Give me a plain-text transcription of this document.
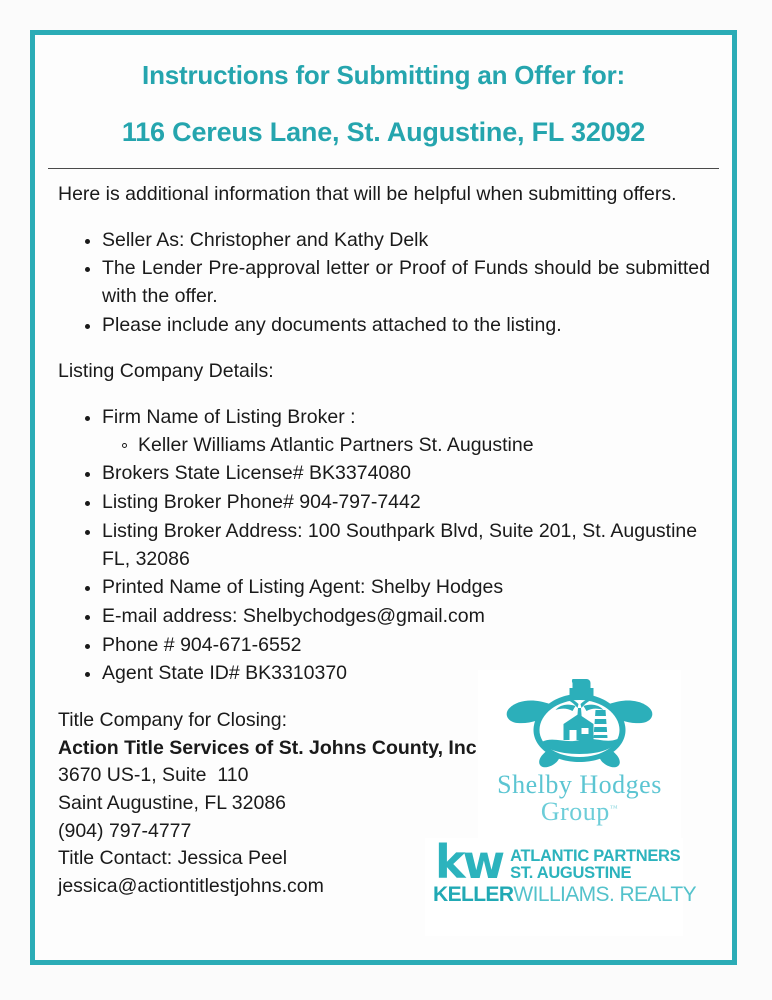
Instructions for Submitting an Offer for:
116 Cereus Lane, St. Augustine, FL 32092

Here is additional information that will be helpful when submitting offers.

Seller As: Christopher and Kathy Delk
The Lender Pre-approval letter or Proof of Funds should be submitted with the offer.
Please include any documents attached to the listing.

Listing Company Details:

Firm Name of Listing Broker :
Keller Williams Atlantic Partners St. Augustine
Brokers State License# BK3374080
Listing Broker Phone# 904-797-7442
Listing Broker Address: 100 Southpark Blvd, Suite 201, St. Augustine FL, 32086
Printed Name of Listing Agent: Shelby Hodges
E-mail address: Shelbychodges@gmail.com
Phone # 904-671-6552
Agent State ID# BK3310370
Title Company for Closing:
Action Title Services of St. Johns County, Inc
3670 US-1, Suite  110
Saint Augustine, FL 32086
(904) 797-4777
Title Contact: Jessica Peel
jessica@actiontitlestjohns.com
Shelby Hodges
Group™
kw ATLANTIC PARTNERS
ST. AUGUSTINE
KELLERWILLIAMS. REALTY
